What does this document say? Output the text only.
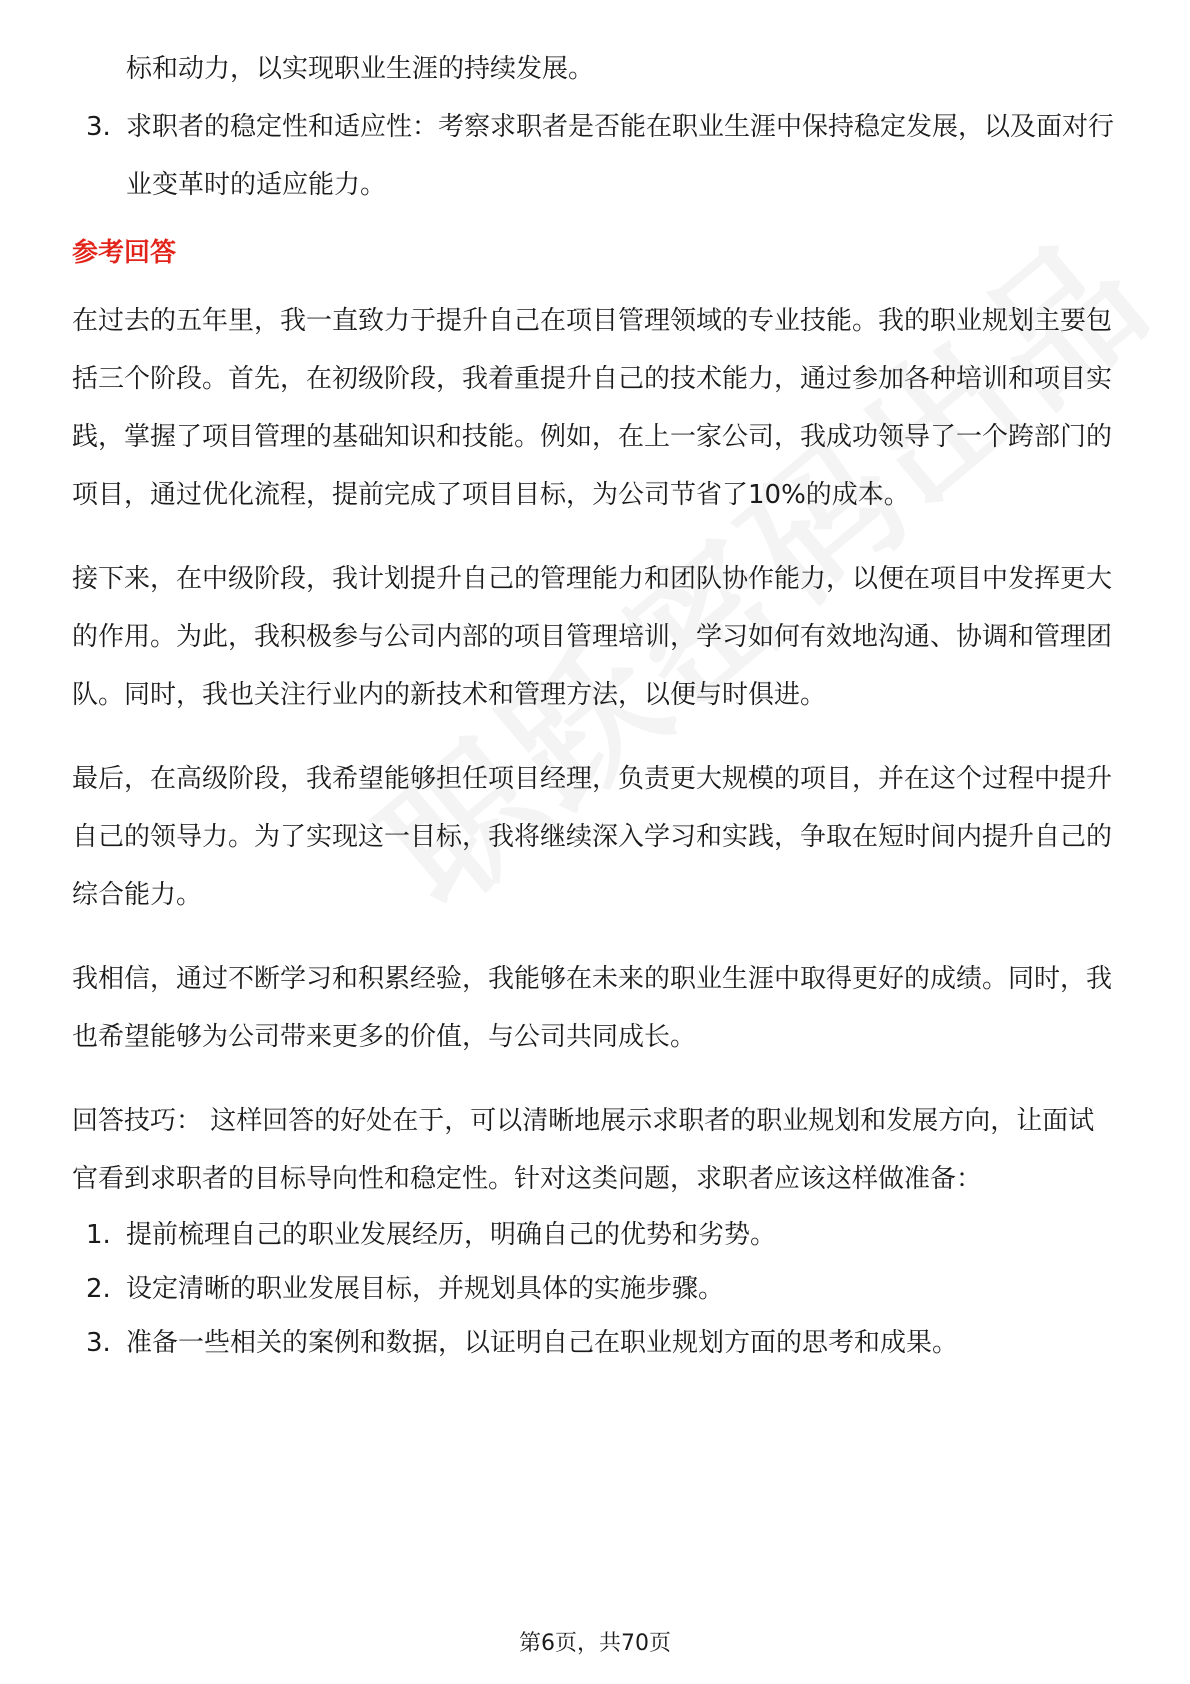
标和动力，以实现职业生涯的持续发展。
3. 求职者的稳定性和适应性：考察求职者是否能在职业生涯中保持稳定发展，以及面对行业变革时的适应能力。
参考回答

在过去的五年里，我一直致力于提升自己在项目管理领域的专业技能。我的职业规划主要包括三个阶段。首先，在初级阶段，我着重提升自己的技术能力，通过参加各种培训和项目实践，掌握了项目管理的基础知识和技能。例如，在上一家公司，我成功领导了一个跨部门的项目，通过优化流程，提前完成了项目目标，为公司节省了10%的成本。

接下来，在中级阶段，我计划提升自己的管理能力和团队协作能力，以便在项目中发挥更大的作用。为此，我积极参与公司内部的项目管理培训，学习如何有效地沟通、协调和管理团队。同时，我也关注行业内的新技术和管理方法，以便与时俱进。

最后，在高级阶段，我希望能够担任项目经理，负责更大规模的项目，并在这个过程中提升自己的领导力。为了实现这一目标，我将继续深入学习和实践，争取在短时间内提升自己的综合能力。

我相信，通过不断学习和积累经验，我能够在未来的职业生涯中取得更好的成绩。同时，我也希望能够为公司带来更多的价值，与公司共同成长。

回答技巧： 这样回答的好处在于，可以清晰地展示求职者的职业规划和发展方向，让面试官看到求职者的目标导向性和稳定性。针对这类问题，求职者应该这样做准备：

1. 提前梳理自己的职业发展经历，明确自己的优势和劣势。
2. 设定清晰的职业发展目标，并规划具体的实施步骤。
3. 准备一些相关的案例和数据，以证明自己在职业规划方面的思考和成果。
第6页，共70页
